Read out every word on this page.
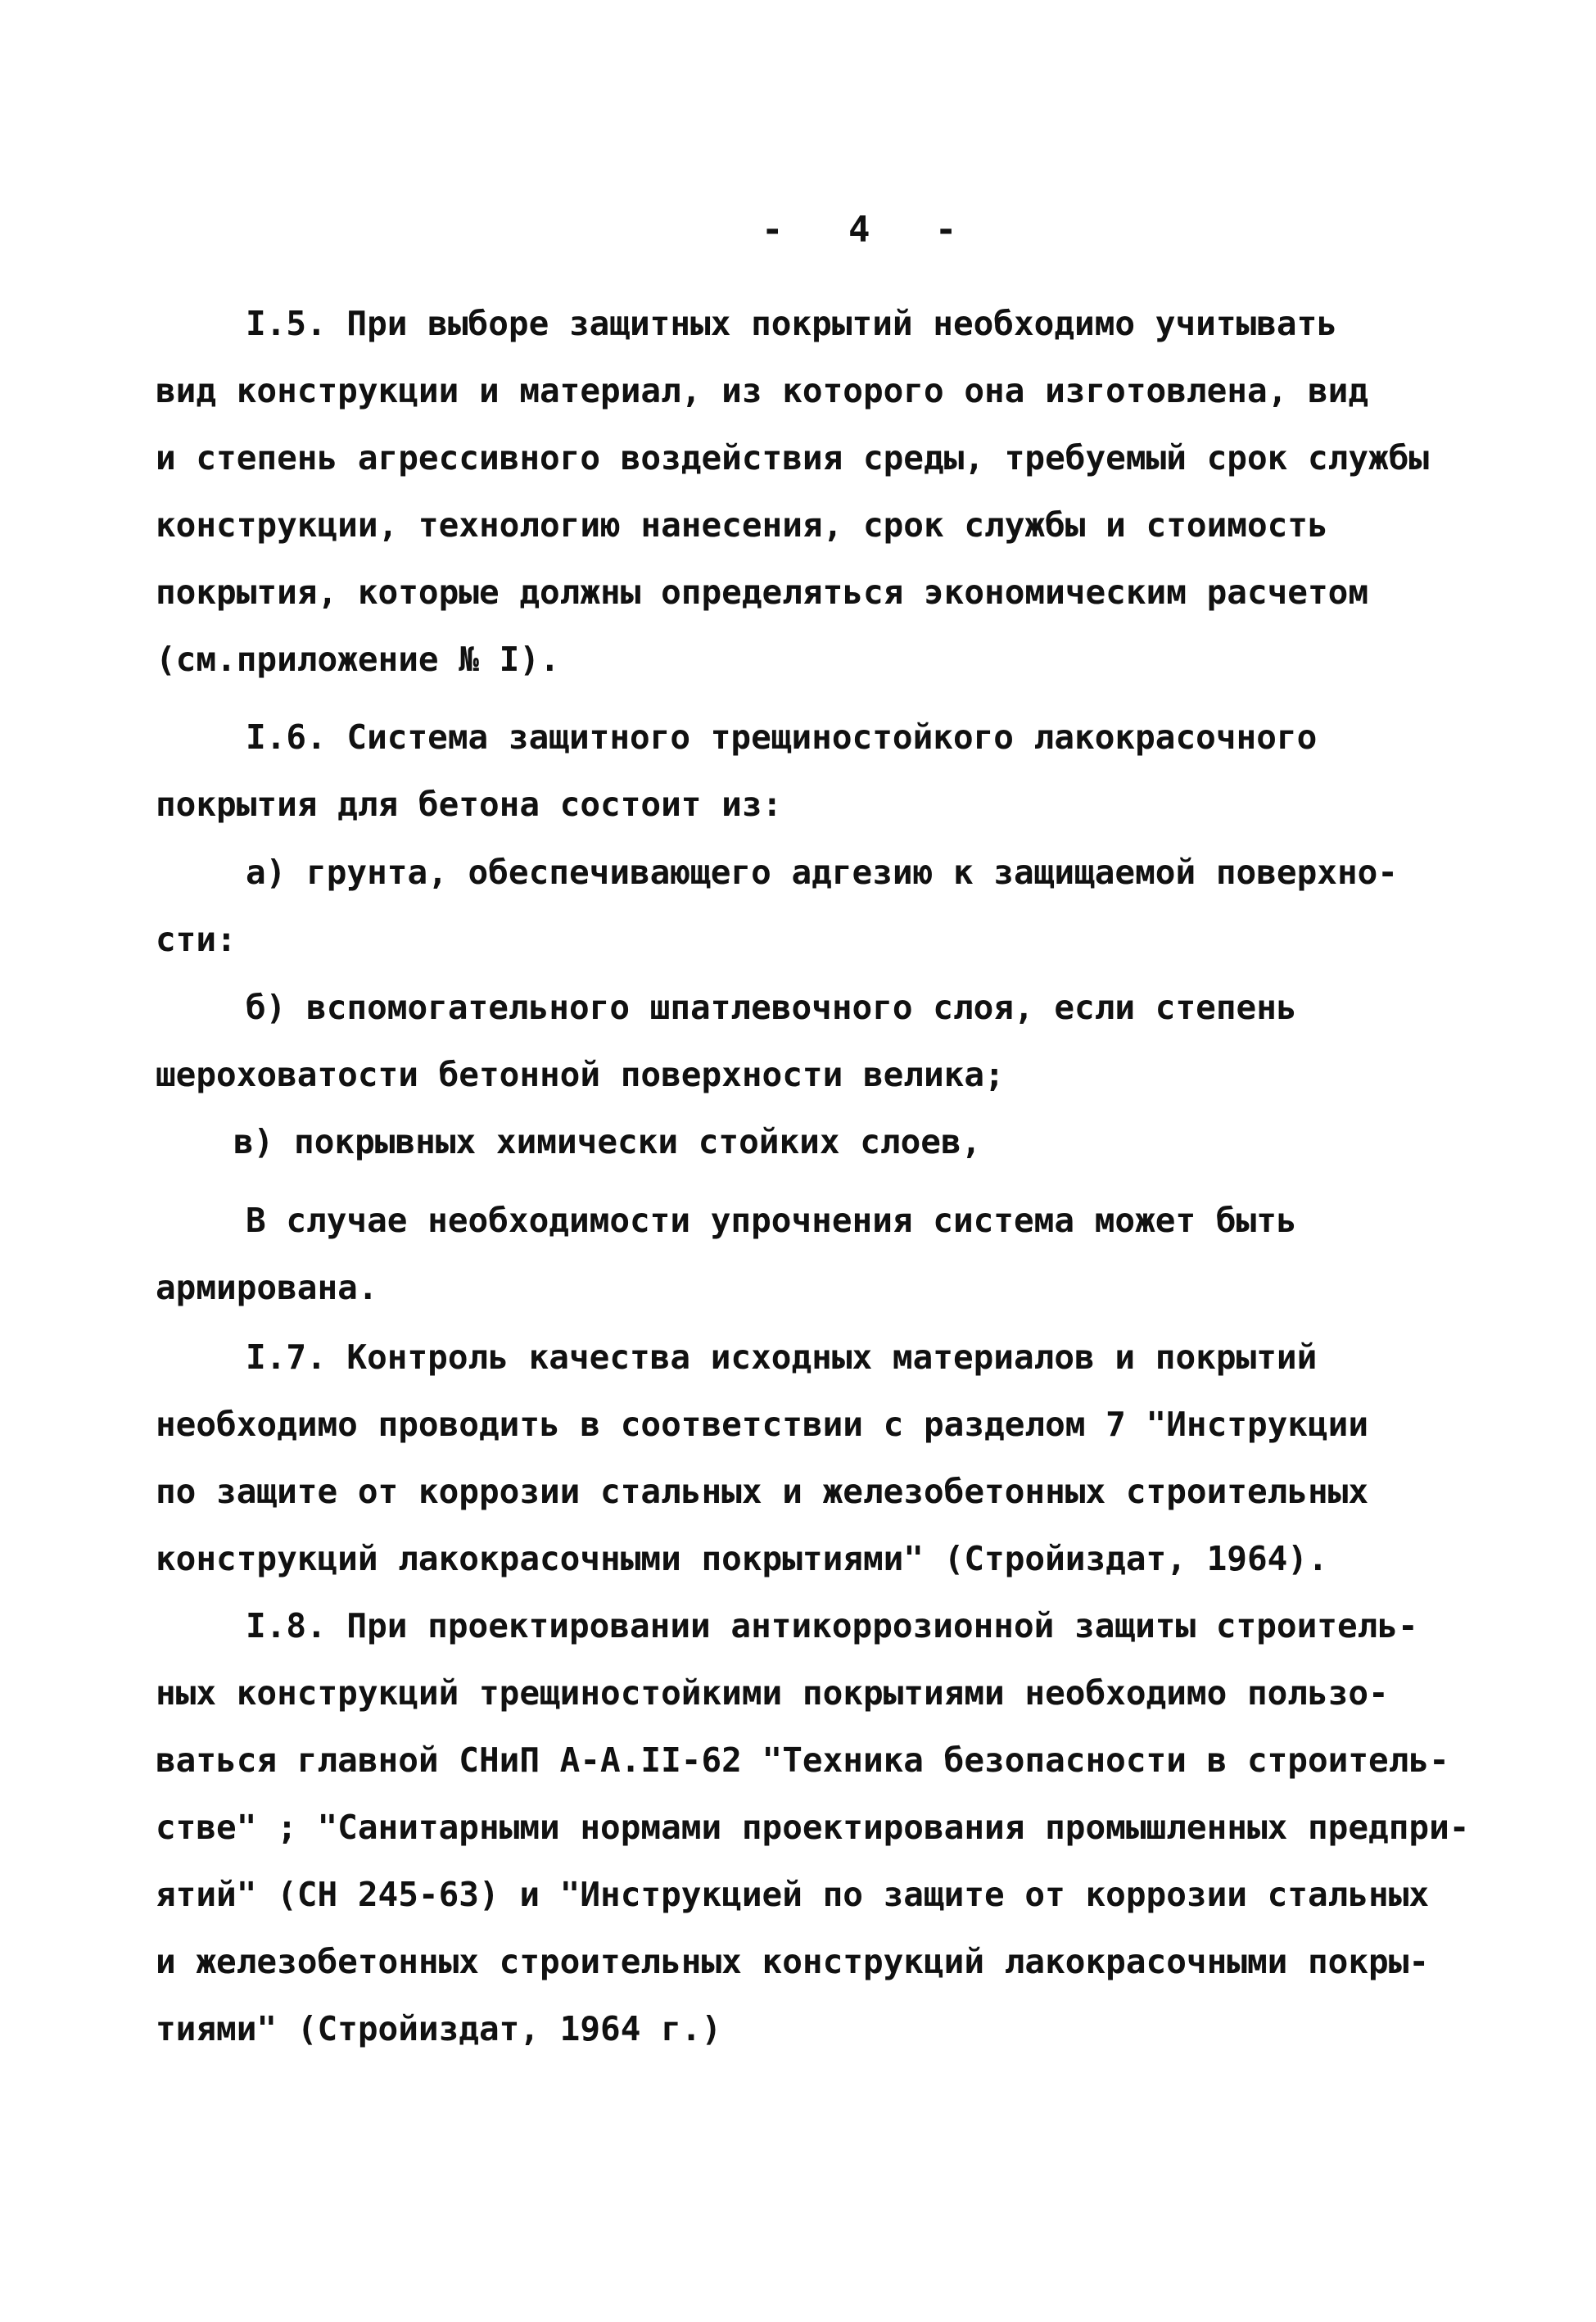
-   4   -
I.5. При выборе защитных покрытий необходимо учитывать
вид конструкции и материал, из которого она изготовлена, вид
и степень агрессивного воздействия среды, требуемый срок службы
конструкции, технологию нанесения, срок службы и стоимость
покрытия, которые должны определяться экономическим расчетом
(см.приложение № I).
I.6. Система защитного трещиностойкого лакокрасочного
покрытия для бетона состоит из:
а) грунта, обеспечивающего адгезию к защищаемой поверхно-
сти:
б) вспомогательного шпатлевочного слоя, если степень
шероховатости бетонной поверхности велика;
в) покрывных химически стойких слоев,
В случае необходимости упрочнения система может быть
армирована.
I.7. Контроль качества исходных материалов и покрытий
необходимо проводить в соответствии с разделом 7 "Инструкции
по защите от коррозии стальных и железобетонных строительных
конструкций лакокрасочными покрытиями" (Стройиздат, 1964).
I.8. При проектировании антикоррозионной защиты строитель-
ных конструкций трещиностойкими покрытиями необходимо пользо-
ваться главной СНиП А-А.II-62 "Техника безопасности в строитель-
стве" ; "Санитарными нормами проектирования промышленных предпри-
ятий" (СН 245-63) и "Инструкцией по защите от коррозии стальных
и железобетонных строительных конструкций лакокрасочными покры-
тиями" (Стройиздат, 1964 г.)
